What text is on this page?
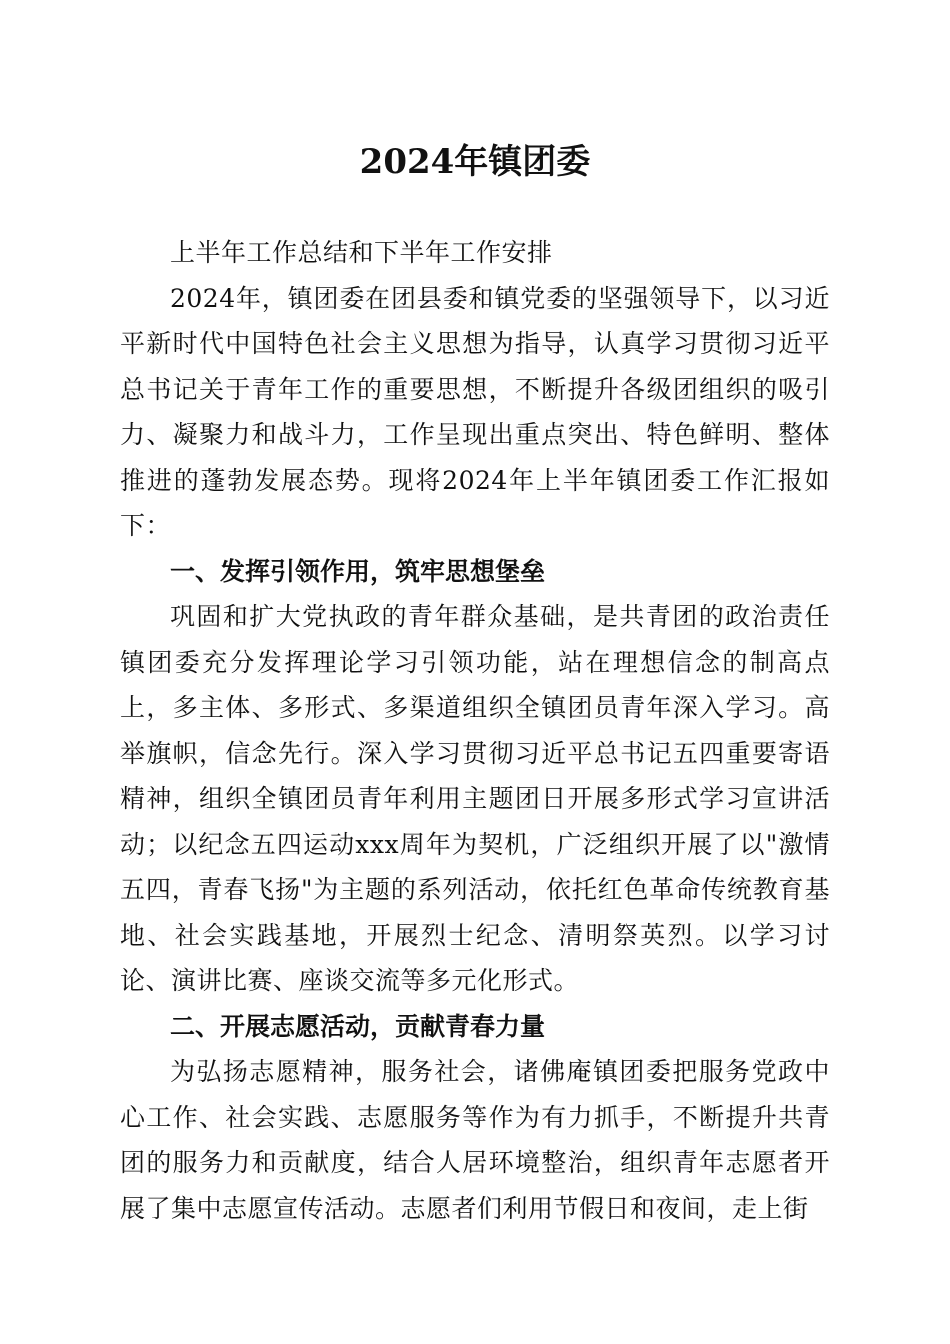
2024年镇团委

上半年工作总结和下半年工作安排

2024年，镇团委在团县委和镇党委的坚强领导下，以习近平新时代中国特色社会主义思想为指导，认真学习贯彻习近平总书记关于青年工作的重要思想，不断提升各级团组织的吸引力、凝聚力和战斗力，工作呈现出重点突出、特色鲜明、整体推进的蓬勃发展态势。现将2024年上半年镇团委工作汇报如下：

一、发挥引领作用，筑牢思想堡垒

巩固和扩大党执政的青年群众基础，是共青团的政治责任镇团委充分发挥理论学习引领功能，站在理想信念的制高点上，多主体、多形式、多渠道组织全镇团员青年深入学习。高举旗帜，信念先行。深入学习贯彻习近平总书记五四重要寄语精神，组织全镇团员青年利用主题团日开展多形式学习宣讲活动；以纪念五四运动xxx周年为契机，广泛组织开展了以"激情五四，青春飞扬"为主题的系列活动，依托红色革命传统教育基地、社会实践基地，开展烈士纪念、清明祭英烈。以学习讨论、演讲比赛、座谈交流等多元化形式。

二、开展志愿活动，贡献青春力量

为弘扬志愿精神，服务社会，诸佛庵镇团委把服务党政中心工作、社会实践、志愿服务等作为有力抓手，不断提升共青团的服务力和贡献度，结合人居环境整治，组织青年志愿者开展了集中志愿宣传活动。志愿者们利用节假日和夜间，走上街
